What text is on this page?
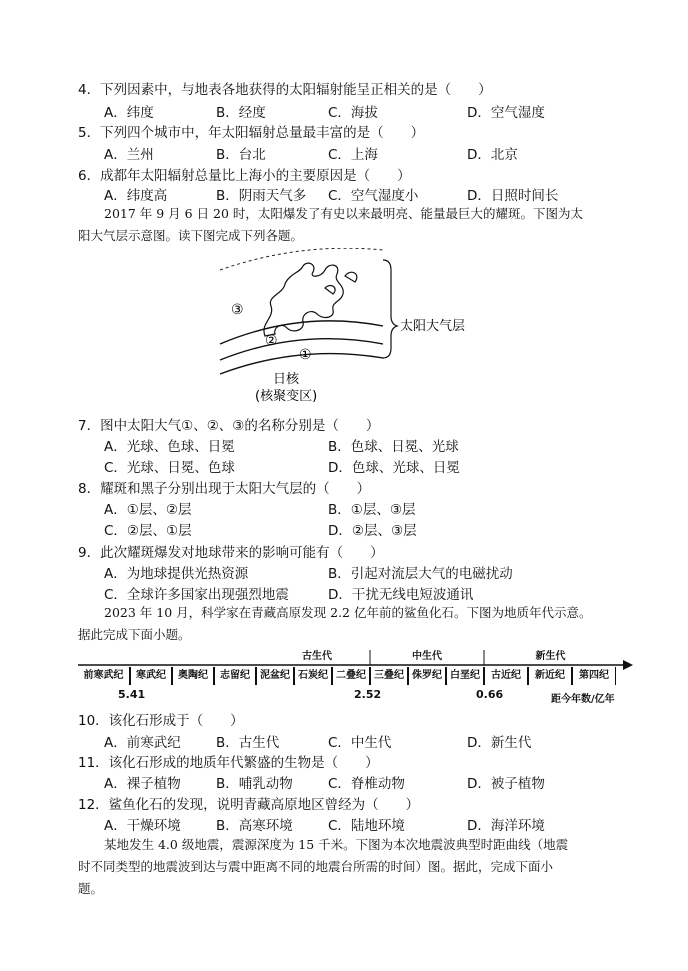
4．下列因素中，与地表各地获得的太阳辐射能呈正相关的是（　　）
A．纬度	B．经度	C．海拔	D．空气湿度
5．下列四个城市中，年太阳辐射总量最丰富的是（　　）
A．兰州	B．台北	C．上海	D．北京
6．成都年太阳辐射总量比上海小的主要原因是（　　）
A．纬度高	B．阴雨天气多 C．空气湿度小	D．日照时间长
2017 年 9 月 6 日 20 时，太阳爆发了有史以来最明亮、能量最巨大的耀斑。下图为太
阳大气层示意图。读下图完成下列各题。
③
②
①
太阳大气层
日核
(核聚变区)
7．图中太阳大气①、②、③的名称分别是（　　）
A．光球、色球、日冕	B．色球、日冕、光球
C．光球、日冕、色球	D．色球、光球、日冕
8．耀斑和黑子分别出现于太阳大气层的（　　）
A．①层、②层	B．①层、③层
C．②层、①层	D．②层、③层
9．此次耀斑爆发对地球带来的影响可能有（　　）
A．为地球提供光热资源	B．引起对流层大气的电磁扰动
C．全球许多国家出现强烈地震	D．干扰无线电短波通讯
2023 年 10 月，科学家在青藏高原发现 2.2 亿年前的鲨鱼化石。下图为地质年代示意。
据此完成下面小题。
古生代	中生代	新生代
前寒武纪	寒武纪	奥陶纪	志留纪	泥盆纪 石炭纪 二叠纪 三叠纪 侏罗纪 白垩纪	古近纪	新近纪	第四纪
5.41	2.52	0.66	距今年数/亿年
10．该化石形成于（　　）
A．前寒武纪	B．古生代	C．中生代	D．新生代
11．该化石形成的地质年代繁盛的生物是（　　）
A．裸子植物	B．哺乳动物	C．脊椎动物	D．被子植物
12．鲨鱼化石的发现，说明青藏高原地区曾经为（　　）
A．干燥环境	B．高寒环境	C．陆地环境	D．海洋环境
某地发生 4.0 级地震，震源深度为 15 千米。下图为本次地震波典型时距曲线（地震
时不同类型的地震波到达与震中距离不同的地震台所需的时间）图。据此，完成下面小
题。
